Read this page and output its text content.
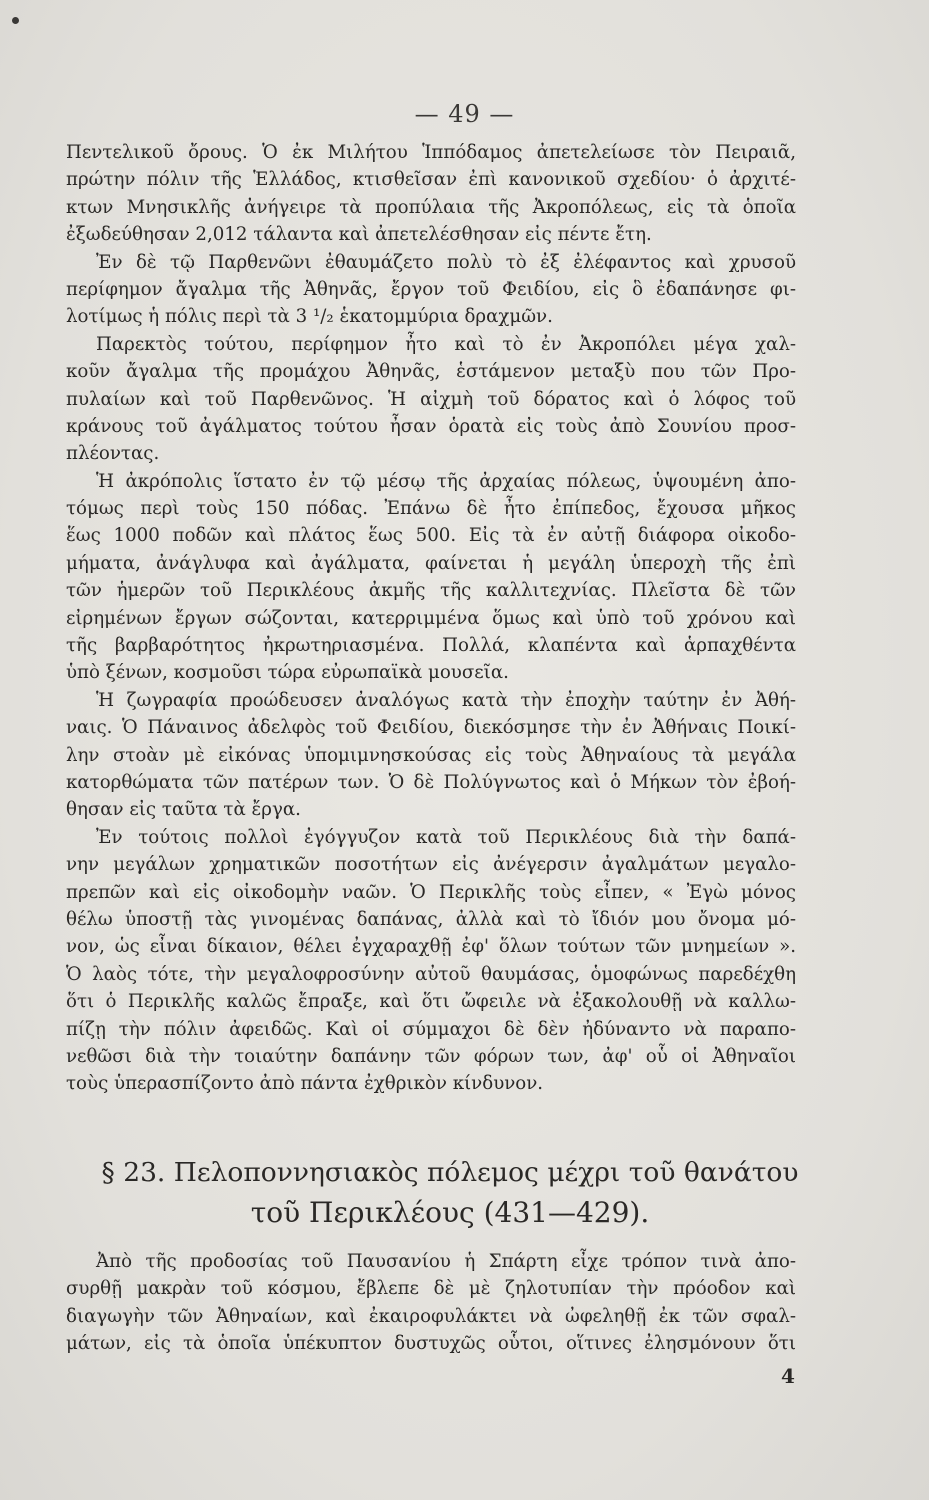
— 49 —
Πεντελικοῦ ὄρους. Ὁ ἐκ Μιλήτου Ἱππόδαμος ἀπετελείωσε τὸν Πειραιᾶ,
πρώτην πόλιν τῆς Ἑλλάδος, κτισθεῖσαν ἐπὶ κανονικοῦ σχεδίου· ὁ ἀρχιτέ-
κτων Μνησικλῆς ἀνήγειρε τὰ προπύλαια τῆς Ἀκροπόλεως, εἰς τὰ ὁποῖα
ἐξωδεύθησαν 2,012 τάλαντα καὶ ἀπετελέσθησαν εἰς πέντε ἔτη.
Ἐν δὲ τῷ Παρθενῶνι ἐθαυμάζετο πολὺ τὸ ἐξ ἐλέφαντος καὶ χρυσοῦ
περίφημον ἄγαλμα τῆς Ἀθηνᾶς, ἔργον τοῦ Φειδίου, εἰς ὃ ἐδαπάνησε φι-
λοτίμως ἡ πόλις περὶ τὰ 3 ¹/₂ ἑκατομμύρια δραχμῶν.
Παρεκτὸς τούτου, περίφημον ἦτο καὶ τὸ ἐν Ἀκροπόλει μέγα χαλ-
κοῦν ἄγαλμα τῆς προμάχου Ἀθηνᾶς, ἑστάμενον μεταξὺ που τῶν Προ-
πυλαίων καὶ τοῦ Παρθενῶνος. Ἡ αἰχμὴ τοῦ δόρατος καὶ ὁ λόφος τοῦ
κράνους τοῦ ἀγάλματος τούτου ἦσαν ὁρατὰ εἰς τοὺς ἀπὸ Σουνίου προσ-
πλέοντας.
Ἡ ἀκρόπολις ἵστατο ἐν τῷ μέσῳ τῆς ἀρχαίας πόλεως, ὑψουμένη ἀπο-
τόμως περὶ τοὺς 150 πόδας. Ἐπάνω δὲ ἦτο ἐπίπεδος, ἔχουσα μῆκος
ἕως 1000 ποδῶν καὶ πλάτος ἕως 500. Εἰς τὰ ἐν αὐτῇ διάφορα οἰκοδο-
μήματα, ἀνάγλυφα καὶ ἀγάλματα, φαίνεται ἡ μεγάλη ὑπεροχὴ τῆς ἐπὶ
τῶν ἡμερῶν τοῦ Περικλέους ἀκμῆς τῆς καλλιτεχνίας. Πλεῖστα δὲ τῶν
εἰρημένων ἔργων σώζονται, κατερριμμένα ὅμως καὶ ὑπὸ τοῦ χρόνου καὶ
τῆς βαρβαρότητος ἠκρωτηριασμένα. Πολλά, κλαπέντα καὶ ἁρπαχθέντα
ὑπὸ ξένων, κοσμοῦσι τώρα εὐρωπαϊκὰ μουσεῖα.
Ἡ ζωγραφία προώδευσεν ἀναλόγως κατὰ τὴν ἐποχὴν ταύτην ἐν Ἀθή-
ναις. Ὁ Πάναινος ἀδελφὸς τοῦ Φειδίου, διεκόσμησε τὴν ἐν Ἀθήναις Ποικί-
λην στοὰν μὲ εἰκόνας ὑπομιμνησκούσας εἰς τοὺς Ἀθηναίους τὰ μεγάλα
κατορθώματα τῶν πατέρων των. Ὁ δὲ Πολύγνωτος καὶ ὁ Μήκων τὸν ἐβοή-
θησαν εἰς ταῦτα τὰ ἔργα.
Ἐν τούτοις πολλοὶ ἐγόγγυζον κατὰ τοῦ Περικλέους διὰ τὴν δαπά-
νην μεγάλων χρηματικῶν ποσοτήτων εἰς ἀνέγερσιν ἀγαλμάτων μεγαλο-
πρεπῶν καὶ εἰς οἰκοδομὴν ναῶν. Ὁ Περικλῆς τοὺς εἶπεν, « Ἐγὼ μόνος
θέλω ὑποστῇ τὰς γινομένας δαπάνας, ἀλλὰ καὶ τὸ ἴδιόν μου ὄνομα μό-
νον, ὡς εἶναι δίκαιον, θέλει ἐγχαραχθῇ ἐφ' ὅλων τούτων τῶν μνημείων ».
Ὁ λαὸς τότε, τὴν μεγαλοφροσύνην αὐτοῦ θαυμάσας, ὁμοφώνως παρεδέχθη
ὅτι ὁ Περικλῆς καλῶς ἔπραξε, καὶ ὅτι ὤφειλε νὰ ἐξακολουθῇ νὰ καλλω-
πίζῃ τὴν πόλιν ἀφειδῶς. Καὶ οἱ σύμμαχοι δὲ δὲν ἠδύναντο νὰ παραπο-
νεθῶσι διὰ τὴν τοιαύτην δαπάνην τῶν φόρων των, ἀφ' οὗ οἱ Ἀθηναῖοι
τοὺς ὑπερασπίζοντο ἀπὸ πάντα ἐχθρικὸν κίνδυνον.
§ 23. Πελοποννησιακὸς πόλεμος μέχρι τοῦ θανάτου
τοῦ Περικλέους (431—429).
Ἀπὸ τῆς προδοσίας τοῦ Παυσανίου ἡ Σπάρτη εἶχε τρόπον τινὰ ἀπο-
συρθῇ μακρὰν τοῦ κόσμου, ἔβλεπε δὲ μὲ ζηλοτυπίαν τὴν πρόοδον καὶ
διαγωγὴν τῶν Ἀθηναίων, καὶ ἐκαιροφυλάκτει νὰ ὠφεληθῇ ἐκ τῶν σφαλ-
μάτων, εἰς τὰ ὁποῖα ὑπέκυπτον δυστυχῶς οὗτοι, οἵτινες ἐλησμόνουν ὅτι
4
